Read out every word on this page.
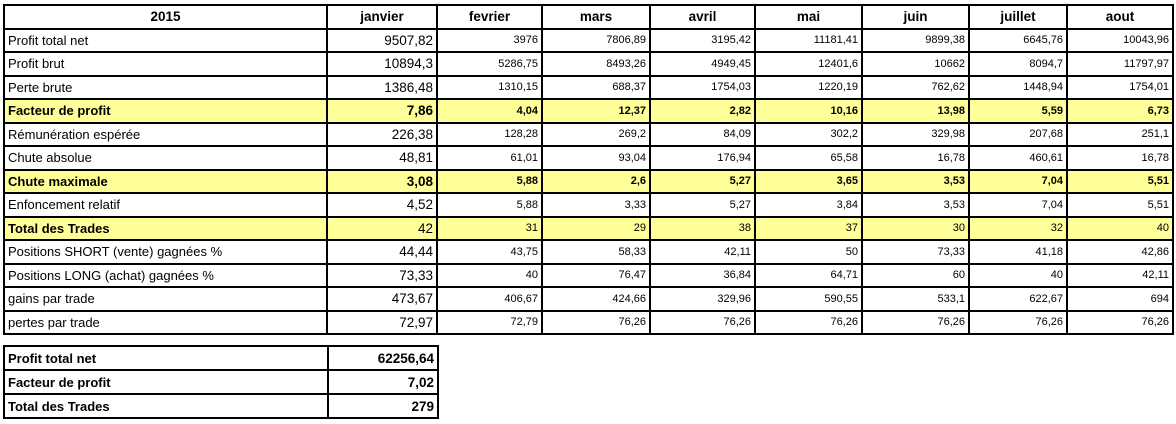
2015	janvier	fevrier	mars	avril	mai	juin	juillet	aout
Profit total net	9507,82	3976	7806,89	3195,42	11181,41	9899,38	6645,76	10043,96
Profit brut	10894,3	5286,75	8493,26	4949,45	12401,6	10662	8094,7	11797,97
Perte brute	1386,48	1310,15	688,37	1754,03	1220,19	762,62	1448,94	1754,01
Facteur de profit	7,86	4,04	12,37	2,82	10,16	13,98	5,59	6,73
Rémunération espérée	226,38	128,28	269,2	84,09	302,2	329,98	207,68	251,1
Chute absolue	48,81	61,01	93,04	176,94	65,58	16,78	460,61	16,78
Chute maximale	3,08	5,88	2,6	5,27	3,65	3,53	7,04	5,51
Enfoncement relatif	4,52	5,88	3,33	5,27	3,84	3,53	7,04	5,51
Total des Trades	42	31	29	38	37	30	32	40
Positions SHORT (vente) gagnées %	44,44	43,75	58,33	42,11	50	73,33	41,18	42,86
Positions LONG (achat) gagnées %	73,33	40	76,47	36,84	64,71	60	40	42,11
gains par trade	473,67	406,67	424,66	329,96	590,55	533,1	622,67	694
pertes par trade	72,97	72,79	76,26	76,26	76,26	76,26	76,26	76,26
Profit total net	62256,64
Facteur de profit	7,02
Total des Trades	279
